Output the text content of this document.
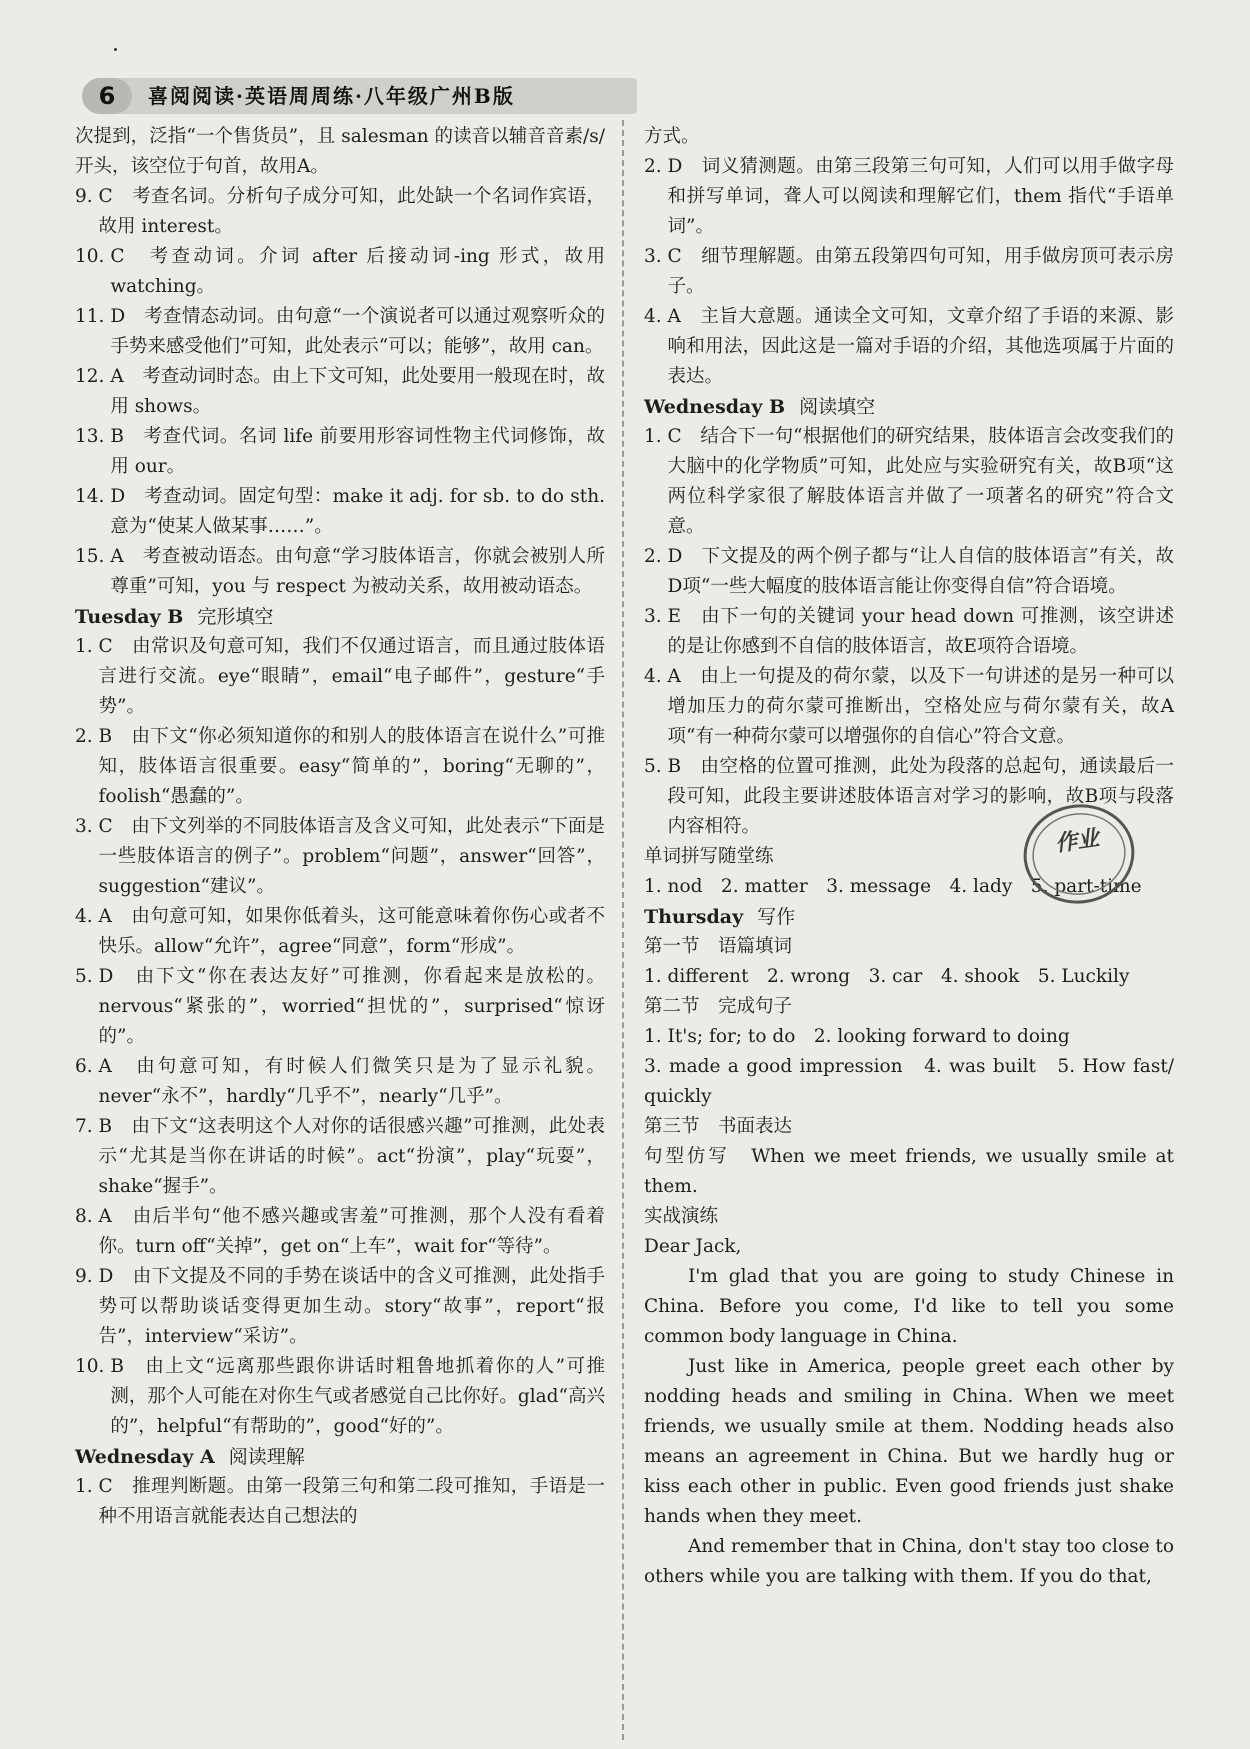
6	喜阅阅读·英语周周练·八年级广州B版

次提到，泛指“一个售货员”，且 salesman 的读音以辅音音素/s/开头，该空位于句首，故用A。

9. C　考查名词。分析句子成分可知，此处缺一个名词作宾语，故用 interest。
10. C　考查动词。介词 after 后接动词-ing 形式，故用 watching。
11. D　考查情态动词。由句意“一个演说者可以通过观察听众的手势来感受他们”可知，此处表示“可以；能够”，故用 can。
12. A　考查动词时态。由上下文可知，此处要用一般现在时，故用 shows。
13. B　考查代词。名词 life 前要用形容词性物主代词修饰，故用 our。
14. D　考查动词。固定句型：make it adj. for sb. to do sth. 意为“使某人做某事……”。
15. A　考查被动语态。由句意“学习肢体语言，你就会被别人所尊重”可知，you 与 respect 为被动关系，故用被动语态。

Tuesday B 完形填空

1. C　由常识及句意可知，我们不仅通过语言，而且通过肢体语言进行交流。eye“眼睛”，email“电子邮件”，gesture“手势”。
2. B　由下文“你必须知道你的和别人的肢体语言在说什么”可推知，肢体语言很重要。easy“简单的”，boring“无聊的”，foolish“愚蠢的”。
3. C　由下文列举的不同肢体语言及含义可知，此处表示“下面是一些肢体语言的例子”。problem“问题”，answer“回答”，suggestion“建议”。
4. A　由句意可知，如果你低着头，这可能意味着你伤心或者不快乐。allow“允许”，agree“同意”，form“形成”。
5. D　由下文“你在表达友好”可推测，你看起来是放松的。nervous“紧张的”，worried“担忧的”，surprised“惊讶的”。
6. A　由句意可知，有时候人们微笑只是为了显示礼貌。never“永不”，hardly“几乎不”，nearly“几乎”。
7. B　由下文“这表明这个人对你的话很感兴趣”可推测，此处表示“尤其是当你在讲话的时候”。act“扮演”，play“玩耍”，shake“握手”。
8. A　由后半句“他不感兴趣或害羞”可推测，那个人没有看着你。turn off“关掉”，get on“上车”，wait for“等待”。
9. D　由下文提及不同的手势在谈话中的含义可推测，此处指手势可以帮助谈话变得更加生动。story“故事”，report“报告”，interview“采访”。
10. B　由上文“远离那些跟你讲话时粗鲁地抓着你的人”可推测，那个人可能在对你生气或者感觉自己比你好。glad“高兴的”，helpful“有帮助的”，good“好的”。

Wednesday A 阅读理解

1. C　推理判断题。由第一段第三句和第二段可推知，手语是一种不用语言就能表达自己想法的

方式。

2. D　词义猜测题。由第三段第三句可知，人们可以用手做字母和拼写单词，聋人可以阅读和理解它们，them 指代“手语单词”。
3. C　细节理解题。由第五段第四句可知，用手做房顶可表示房子。
4. A　主旨大意题。通读全文可知，文章介绍了手语的来源、影响和用法，因此这是一篇对手语的介绍，其他选项属于片面的表达。

Wednesday B 阅读填空

1. C　结合下一句“根据他们的研究结果，肢体语言会改变我们的大脑中的化学物质”可知，此处应与实验研究有关，故B项“这两位科学家很了解肢体语言并做了一项著名的研究”符合文意。
2. D　下文提及的两个例子都与“让人自信的肢体语言”有关，故D项“一些大幅度的肢体语言能让你变得自信”符合语境。
3. E　由下一句的关键词 your head down 可推测，该空讲述的是让你感到不自信的肢体语言，故E项符合语境。
4. A　由上一句提及的荷尔蒙，以及下一句讲述的是另一种可以增加压力的荷尔蒙可推断出，空格处应与荷尔蒙有关，故A项“有一种荷尔蒙可以增强你的自信心”符合文意。
5. B　由空格的位置可推测，此处为段落的总起句，通读最后一段可知，此段主要讲述肢体语言对学习的影响，故B项与段落内容相符。

单词拼写随堂练

1. nod　2. matter　3. message　4. lady　5. part-time

Thursday 写作

第一节　语篇填词

1. different　2. wrong　3. car　4. shook　5. Luckily

第二节　完成句子

1. It's; for; to do　2. looking forward to doing

3. made a good impression　4. was built　5. How fast/ quickly

第三节　书面表达

句型仿写　When we meet friends, we usually smile at them.

实战演练

Dear Jack,

I'm glad that you are going to study Chinese in China. Before you come, I'd like to tell you some common body language in China.

Just like in America, people greet each other by nodding heads and smiling in China. When we meet friends, we usually smile at them. Nodding heads also means an agreement in China. But we hardly hug or kiss each other in public. Even good friends just shake hands when they meet.

And remember that in China, don't stay too close to others while you are talking with them. If you do that,

作业
